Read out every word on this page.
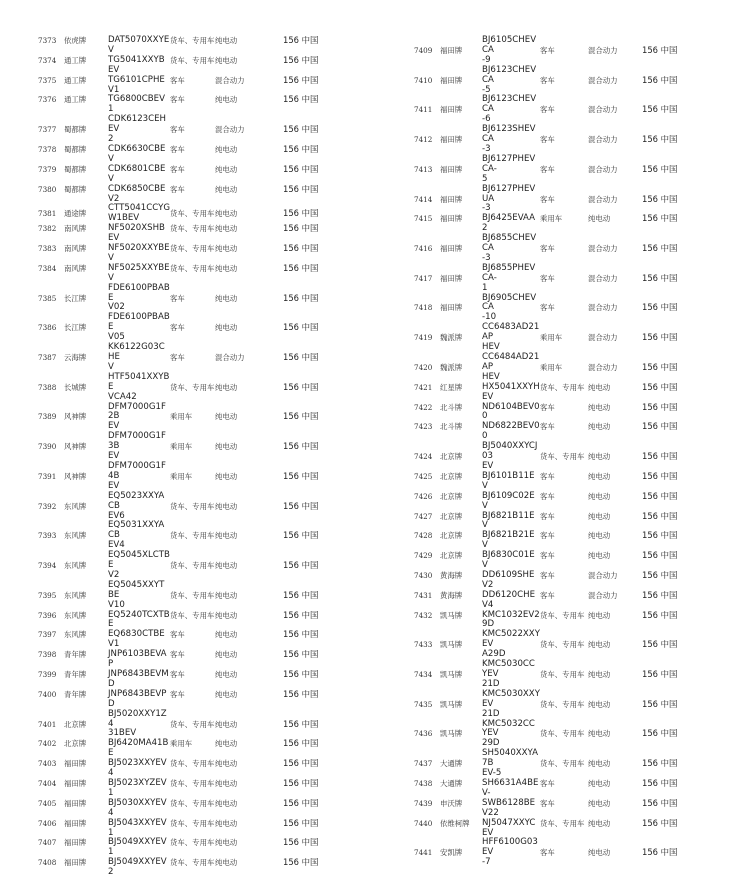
7373	依虎牌	DAT5070XXYEV
货车、专用车 纯电动	156 中国
7374	通工牌	TG5041XXYBEV
货车、专用车 纯电动	156 中国
7375	通工牌	TG6101CPHEV1
客车	混合动力	156 中国
7376	通工牌	TG6800CBEV1
客车	纯电动	156 中国
7377	蜀都牌
CDK6123CEHEV
2
客车	混合动力	156 中国
7378	蜀都牌	CDK6630CBEV
客车	纯电动	156 中国
7379	蜀都牌	CDK6801CBEV
客车	纯电动	156 中国
7380	蜀都牌	CDK6850CBEV2
客车	纯电动	156 中国
7381	通途牌
CTT5041CCYG
W1BEV	货车、专用车 纯电动	156 中国
7382	南风牌	NF5020XSHBEV
货车、专用车 纯电动	156 中国
7383	南风牌	NF5020XXYBEV
货车、专用车 纯电动	156 中国
7384	南风牌	NF5025XXYBEV
货车、专用车 纯电动	156 中国
7385	长江牌
FDE6100PBABE
V02
客车	纯电动	156 中国
7386	长江牌
FDE6100PBABE
V05
客车	纯电动	156 中国
7387	云海牌
KK6122G03CHE
V
客车	混合动力	156 中国
7388	长城牌
HTF5041XXYBE
VCA42
货车、专用车 纯电动	156 中国
7389	风神牌
DFM7000G1F2B
EV
乘用车	纯电动	156 中国
7390	风神牌
DFM7000G1F3B
EV
乘用车	纯电动	156 中国
7391	风神牌
DFM7000G1F4B
EV
乘用车	纯电动	156 中国
7392	东风牌
EQ5023XXYACB
EV6
货车、专用车 纯电动	156 中国
7393	东风牌
EQ5031XXYACB
EV4
货车、专用车 纯电动	156 中国
7394	东风牌
EQ5045XLCTBE
V2
货车、专用车 纯电动	156 中国
7395	东风牌
EQ5045XXYTBE
V10
货车、专用车 纯电动	156 中国
7396	东风牌	EQ5240TCXTBE
货车、专用车 纯电动	156 中国
7397	东风牌	EQ6830CTBEV1
客车	纯电动	156 中国
7398	青年牌	JNP6103BEVAP
客车	纯电动	156 中国
7399	青年牌	JNP6843BEVMD
客车	纯电动	156 中国
7400	青年牌	JNP6843BEVPD
客车	纯电动	156 中国
7401	北京牌
BJ5020XXY1Z4
31BEV
货车、专用车 纯电动	156 中国
7402	北京牌	BJ6420MA41BE
乘用车	纯电动	156 中国
7403	福田牌	BJ5023XXYEV4
货车、专用车 纯电动	156 中国
7404	福田牌	BJ5023XYZEV1
货车、专用车 纯电动	156 中国
7405	福田牌	BJ5030XXYEV4
货车、专用车 纯电动	156 中国
7406	福田牌	BJ5043XXYEV1
货车、专用车 纯电动	156 中国
7407	福田牌	BJ5049XXYEV1
货车、专用车 纯电动	156 中国
7408	福田牌	BJ5049XXYEV2
货车、专用车 纯电动	156 中国
7409	福田牌
BJ6105CHEVCA
-9
客车	混合动力	156 中国
7410	福田牌
BJ6123CHEVCA
-5
客车	混合动力	156 中国
7411	福田牌
BJ6123CHEVCA
-6
客车	混合动力	156 中国
7412	福田牌
BJ6123SHEVCA
-3
客车	混合动力	156 中国
7413	福田牌
BJ6127PHEVCA-
5
客车	混合动力	156 中国
7414	福田牌
BJ6127PHEVUA
-3
客车	混合动力	156 中国
7415	福田牌	BJ6425EVAA2
乘用车	纯电动	156 中国
7416	福田牌
BJ6855CHEVCA
-3
客车	混合动力	156 中国
7417	福田牌
BJ6855PHEVCA-
1
客车	混合动力	156 中国
7418	福田牌
BJ6905CHEVCA
-10
客车	混合动力	156 中国
7419	魏派牌
CC6483AD21AP
HEV
乘用车	混合动力	156 中国
7420	魏派牌
CC6484AD21AP
HEV
乘用车	混合动力	156 中国
7421	红星牌	HX5041XXYHEV
货车、专用车 纯电动	156 中国
7422	北斗牌	ND6104BEV00
客车	纯电动	156 中国
7423	北斗牌	ND6822BEV00
客车	纯电动	156 中国
7424	北京牌
BJ5040XXYCJ03
EV
货车、专用车 纯电动	156 中国
7425	北京牌	BJ6101B11EV
客车	纯电动	156 中国
7426	北京牌	BJ6109C02EV
客车	纯电动	156 中国
7427	北京牌	BJ6821B11EV
客车	纯电动	156 中国
7428	北京牌	BJ6821B21EV
客车	纯电动	156 中国
7429	北京牌	BJ6830C01EV
客车	纯电动	156 中国
7430	黄海牌	DD6109SHEV2
客车	混合动力	156 中国
7431	黄海牌	DD6120CHEV4
客车	混合动力	156 中国
7432	凯马牌	KMC1032EV29D
货车、专用车 纯电动	156 中国
7433	凯马牌
KMC5022XXYEV
A29D
货车、专用车 纯电动	156 中国
7434	凯马牌
KMC5030CCYEV
21D
货车、专用车 纯电动	156 中国
7435	凯马牌
KMC5030XXYEV
21D
货车、专用车 纯电动	156 中国
7436	凯马牌
KMC5032CCYEV
29D
货车、专用车 纯电动	156 中国
7437	大通牌
SH5040XXYA7B
EV-5
货车、专用车 纯电动	156 中国
7438	大通牌	SH6631A4BEV-
客车	纯电动	156 中国
7439	申沃牌	SWB6128BEV22
客车	纯电动	156 中国
7440	依维柯牌	NJ5047XXYCEV
货车、专用车 纯电动	156 中国
7441	安凯牌
HFF6100G03EV
-7
客车	纯电动	156 中国
